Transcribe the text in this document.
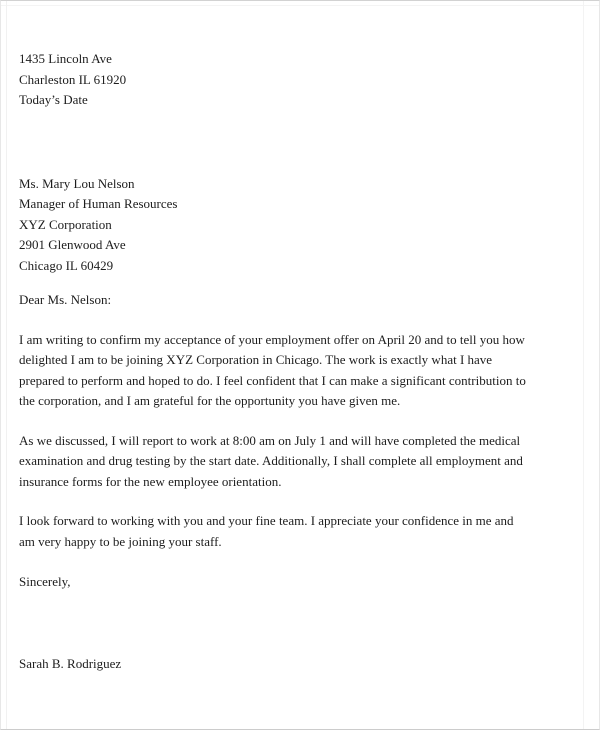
1435 Lincoln Ave
Charleston IL 61920
Today’s Date
Ms. Mary Lou Nelson
Manager of Human Resources
XYZ Corporation
2901 Glenwood Ave
Chicago IL 60429
Dear Ms. Nelson:
I am writing to confirm my acceptance of your employment offer on April 20 and to tell you how
delighted I am to be joining XYZ Corporation in Chicago. The work is exactly what I have
prepared to perform and hoped to do. I feel confident that I can make a significant contribution to
the corporation, and I am grateful for the opportunity you have given me.
As we discussed, I will report to work at 8:00 am on July 1 and will have completed the medical
examination and drug testing by the start date. Additionally, I shall complete all employment and
insurance forms for the new employee orientation.
I look forward to working with you and your fine team. I appreciate your confidence in me and
am very happy to be joining your staff.
Sincerely,
Sarah B. Rodriguez
